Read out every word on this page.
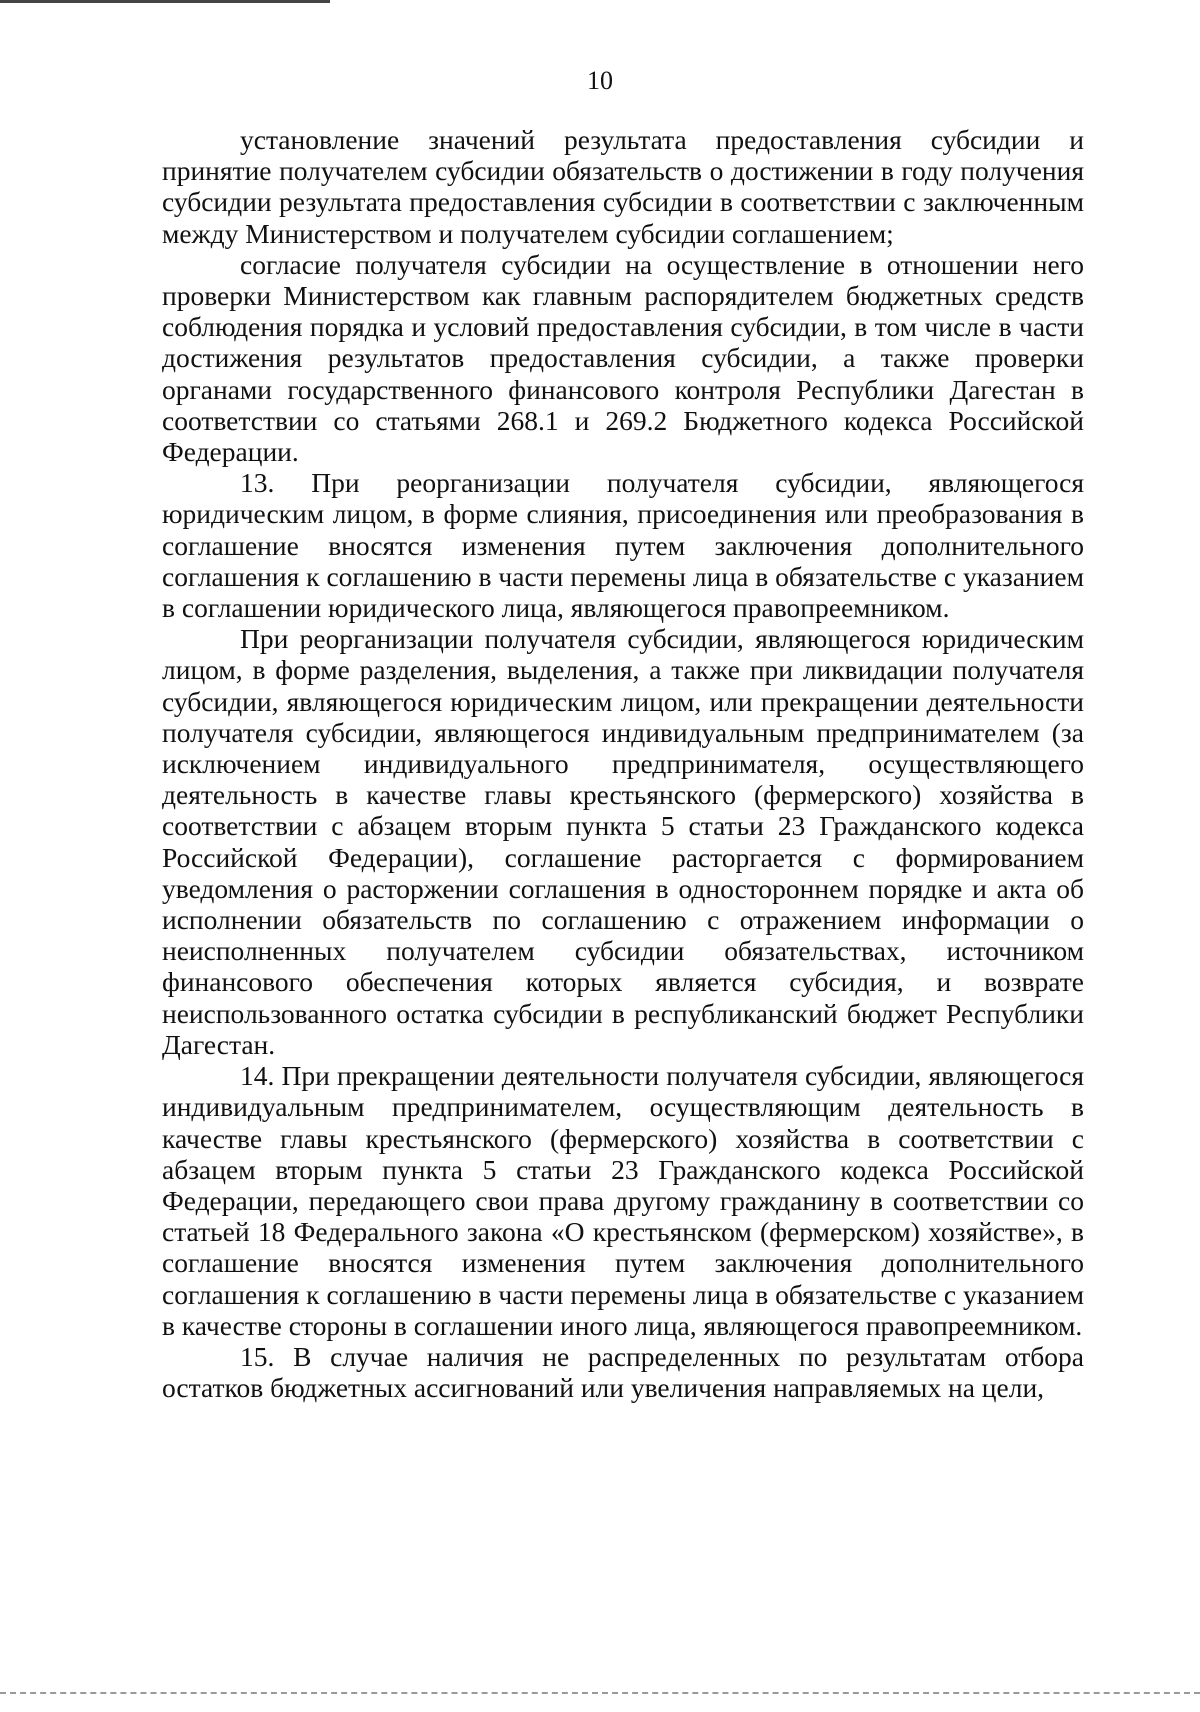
10

установление значений результата предоставления субсидии и принятие получателем субсидии обязательств о достижении в году получения субсидии результата предоставления субсидии в соответствии с заключенным между Министерством и получателем субсидии соглашением;

согласие получателя субсидии на осуществление в отношении него проверки Министерством как главным распорядителем бюджетных средств соблюдения порядка и условий предоставления субсидии, в том числе в части достижения результатов предоставления субсидии, а также проверки органами государственного финансового контроля Республики Дагестан в соответствии со статьями 268.1 и 269.2 Бюджетного кодекса Российской Федерации.

13. При реорганизации получателя субсидии, являющегося юридическим лицом, в форме слияния, присоединения или преобразования в соглашение вносятся изменения путем заключения дополнительного соглашения к соглашению в части перемены лица в обязательстве с указанием в соглашении юридического лица, являющегося правопреемником.

При реорганизации получателя субсидии, являющегося юридическим лицом, в форме разделения, выделения, а также при ликвидации получателя субсидии, являющегося юридическим лицом, или прекращении деятельности получателя субсидии, являющегося индивидуальным предпринимателем (за исключением индивидуального предпринимателя, осуществляющего деятельность в качестве главы крестьянского (фермерского) хозяйства в соответствии с абзацем вторым пункта 5 статьи 23 Гражданского кодекса Российской Федерации), соглашение расторгается с формированием уведомления о расторжении соглашения в одностороннем порядке и акта об исполнении обязательств по соглашению с отражением информации о неисполненных получателем субсидии обязательствах, источником финансового обеспечения которых является субсидия, и возврате неиспользованного остатка субсидии в республиканский бюджет Республики Дагестан.

14. При прекращении деятельности получателя субсидии, являющегося индивидуальным предпринимателем, осуществляющим деятельность в качестве главы крестьянского (фермерского) хозяйства в соответствии с абзацем вторым пункта 5 статьи 23 Гражданского кодекса Российской Федерации, передающего свои права другому гражданину в соответствии со статьей 18 Федерального закона «О крестьянском (фермерском) хозяйстве», в соглашение вносятся изменения путем заключения дополнительного соглашения к соглашению в части перемены лица в обязательстве с указанием в качестве стороны в соглашении иного лица, являющегося правопреемником.

15. В случае наличия не распределенных по результатам отбора остатков бюджетных ассигнований или увеличения направляемых на цели,
